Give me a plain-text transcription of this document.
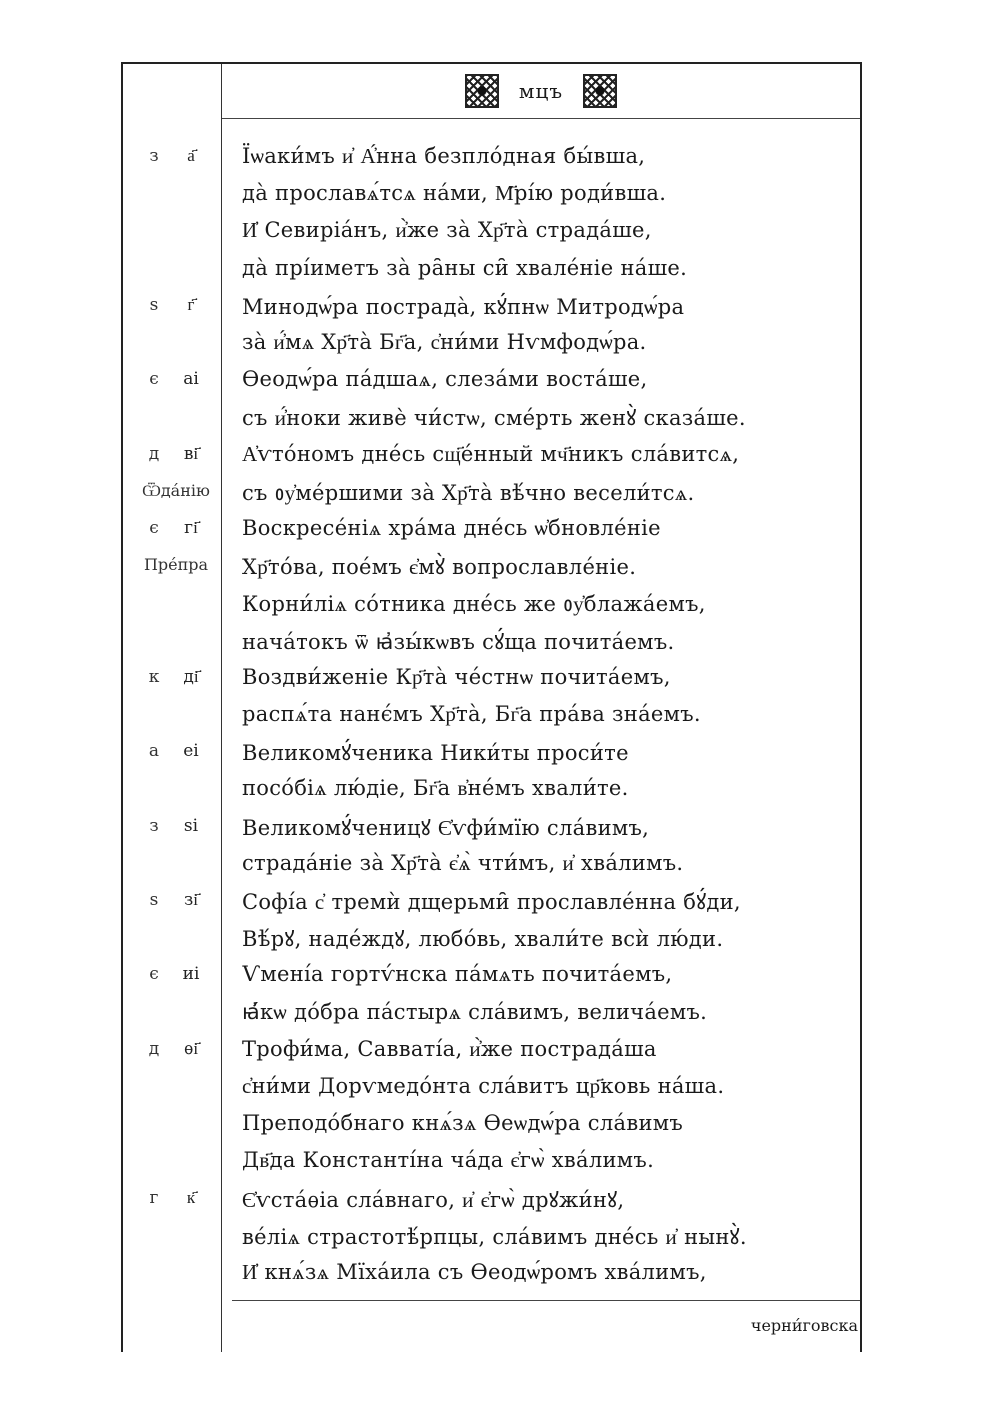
мцъ
з	а҃	Їѡаки́мъ и҆ А҆́нна безпло́дная бы́вша,
да̀ прославѧ́тсѧ на́ми, М҃рі́ю роди́вша.
И҆ Севиріа́нъ, и҆̀же за̀ Хр҃та̀ страда́ше,
да̀ прі́иметъ за̀ ра̑ны си̑ хвале́ніе на́ше.
ѕ	г҃	Минодѡ́ра пострада̀, кꙋ́пнѡ Митродѡ́ра
за̀ и҆́мѧ Хр҃та̀ Бг҃а, с҆ни́ми Нѵмфодѡ́ра.
є	аі	Ѳеодѡ́ра па́дшаѧ, слеза́ми воста́ше,
съ и҆́ноки живѐ чи́стѡ, сме́рть женꙋ̀ сказа́ше.
д	ві҃	А҆ѵто́номъ дне́сь сщ҃е́нный мч҃никъ сла́витсѧ,
Ѿда́нію	съ ᲂу҆ме́ршими за̀ Хр҃та̀ вѣ́чно весели́тсѧ.
є	гі҃	Воскресе́ніѧ хра́ма дне́сь ѡ҆бновле́ніе
Пре́пра	Хр҃то́ва, пое́мъ є҆мꙋ̀ вопрославле́ніе.
Корни́ліѧ со́тника дне́сь же ᲂу҆блажа́емъ,
нача́токъ ѿ ꙗ҆зы́кѡвъ сꙋ́ща почита́емъ.
к	ді҃	Воздви́женіе Кр҃та̀ че́стнѡ почита́емъ,
распѧ́та нанє́мъ Хр҃та̀, Бг҃а пра́ва зна́емъ.
а	еі	Великомꙋ́ченика Ники́ты проси́те
посо́біѧ лю́діе, Бг҃а в҆не́мъ хвали́те.
з	ѕі	Великомꙋ́ченицꙋ Є҆ѵфи́мїю сла́вимъ,
страда́ніе за̀ Хр҃та̀ є҆ѧ̀ чти́мъ, и҆ хва́лимъ.
ѕ	зі҃	Софі́а с҆ тремѝ дщерьми̑ прославле́нна бꙋ́ди,
Вѣ́рꙋ, наде́ждꙋ, любо́вь, хвали́те всѝ лю́ди.
є	иі	Ѵмені́а гортѵ́нска па́мѧть почита́емъ,
ꙗ҆́кѡ до́бра па́стырѧ сла́вимъ, велича́емъ.
д	ѳі҃	Трофи́ма, Савваті́а, и҆̀же пострада́ша
с҆ни́ми Дорѵмедо́нта сла́витъ цр҃ковь на́ша.
Преподо́бнаго кнѧ́зѧ Ѳеѡдѡ́ра сла́вимъ
Дв҃да Константі́на ча́да є҆гѡ̀ хва́лимъ.
г	к҃	Є҆ѵста́ѳіа сла́внаго, и҆ є҆гѡ̀ дрꙋжи́нꙋ,
ве́ліѧ страстотѣ́рпцы, сла́вимъ дне́сь и҆ нынꙋ̀.
И҆ кнѧ́зѧ Мїха́ила съ Ѳеодѡ́ромъ хва́лимъ,
черни́говска
